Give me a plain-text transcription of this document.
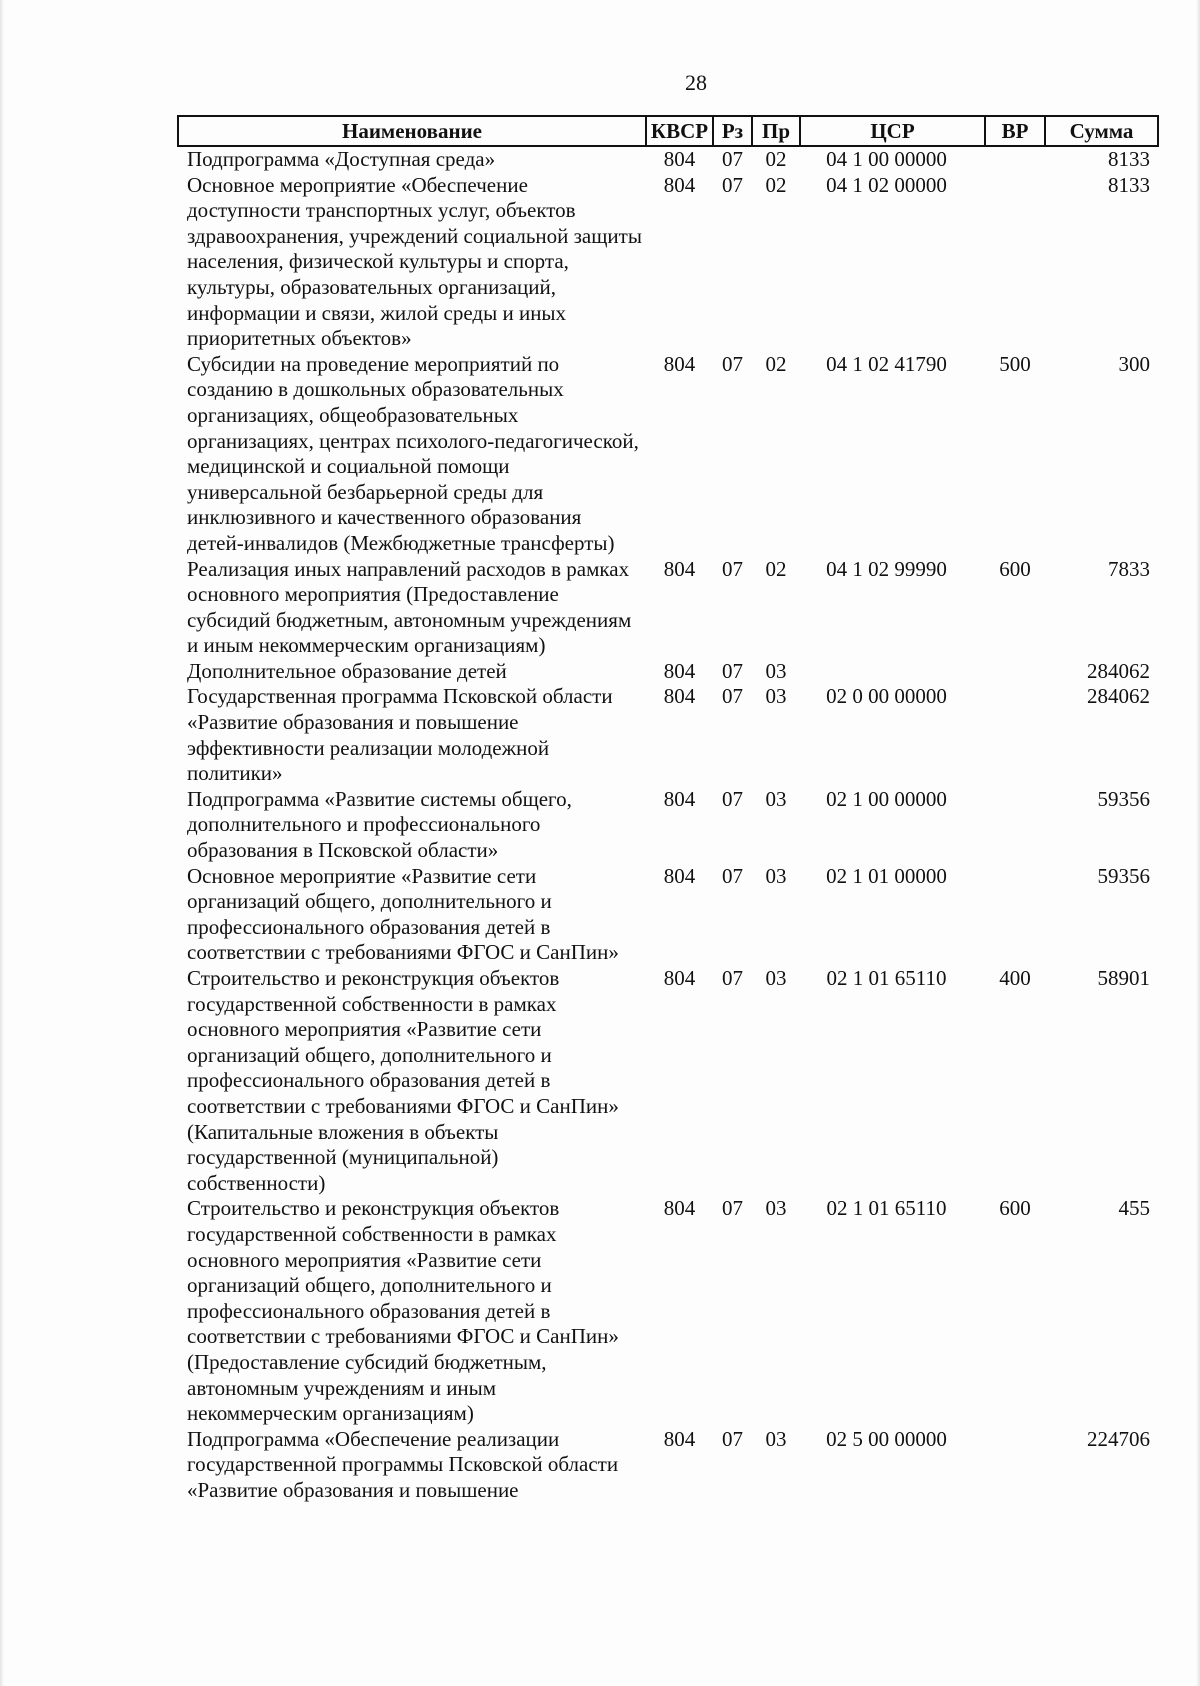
28
Наименование	КВСР	Рз	Пр	ЦСР	ВР	Сумма
Подпрограмма «Доступная среда»	804	07	02	04 1 00 00000		8133
Основное мероприятие «Обеспечение доступности транспортных услуг, объектов здравоохранения, учреждений социальной защиты населения, физической культуры и спорта, культуры, образовательных организаций, информации и связи, жилой среды и иных приоритетных объектов»	804	07	02	04 1 02 00000		8133
Субсидии на проведение мероприятий по созданию в дошкольных образовательных организациях, общеобразовательных организациях, центрах психолого-педагогической, медицинской и социальной помощи универсальной безбарьерной среды для инклюзивного и качественного образования детей-инвалидов (Межбюджетные трансферты)	804	07	02	04 1 02 41790	500	300
Реализация иных направлений расходов в рамках основного мероприятия (Предоставление субсидий бюджетным, автономным учреждениям и иным некоммерческим организациям)	804	07	02	04 1 02 99990	600	7833
Дополнительное образование детей	804	07	03			284062
Государственная программа Псковской области «Развитие образования и повышение эффективности реализации молодежной политики»	804	07	03	02 0 00 00000		284062
Подпрограмма «Развитие системы общего, дополнительного и профессионального образования в Псковской области»	804	07	03	02 1 00 00000		59356
Основное мероприятие «Развитие сети организаций общего, дополнительного и профессионального образования детей в соответствии с требованиями ФГОС и СанПин»	804	07	03	02 1 01 00000		59356
Строительство и реконструкция объектов государственной собственности в рамках основного мероприятия «Развитие сети организаций общего, дополнительного и профессионального образования детей в соответствии с требованиями ФГОС и СанПин» (Капитальные вложения в объекты государственной (муниципальной) собственности)	804	07	03	02 1 01 65110	400	58901
Строительство и реконструкция объектов государственной собственности в рамках основного мероприятия «Развитие сети организаций общего, дополнительного и профессионального образования детей в соответствии с требованиями ФГОС и СанПин» (Предоставление субсидий бюджетным, автономным учреждениям и иным некоммерческим организациям)	804	07	03	02 1 01 65110	600	455
Подпрограмма «Обеспечение реализации государственной программы Псковской области «Развитие образования и повышение	804	07	03	02 5 00 00000		224706
